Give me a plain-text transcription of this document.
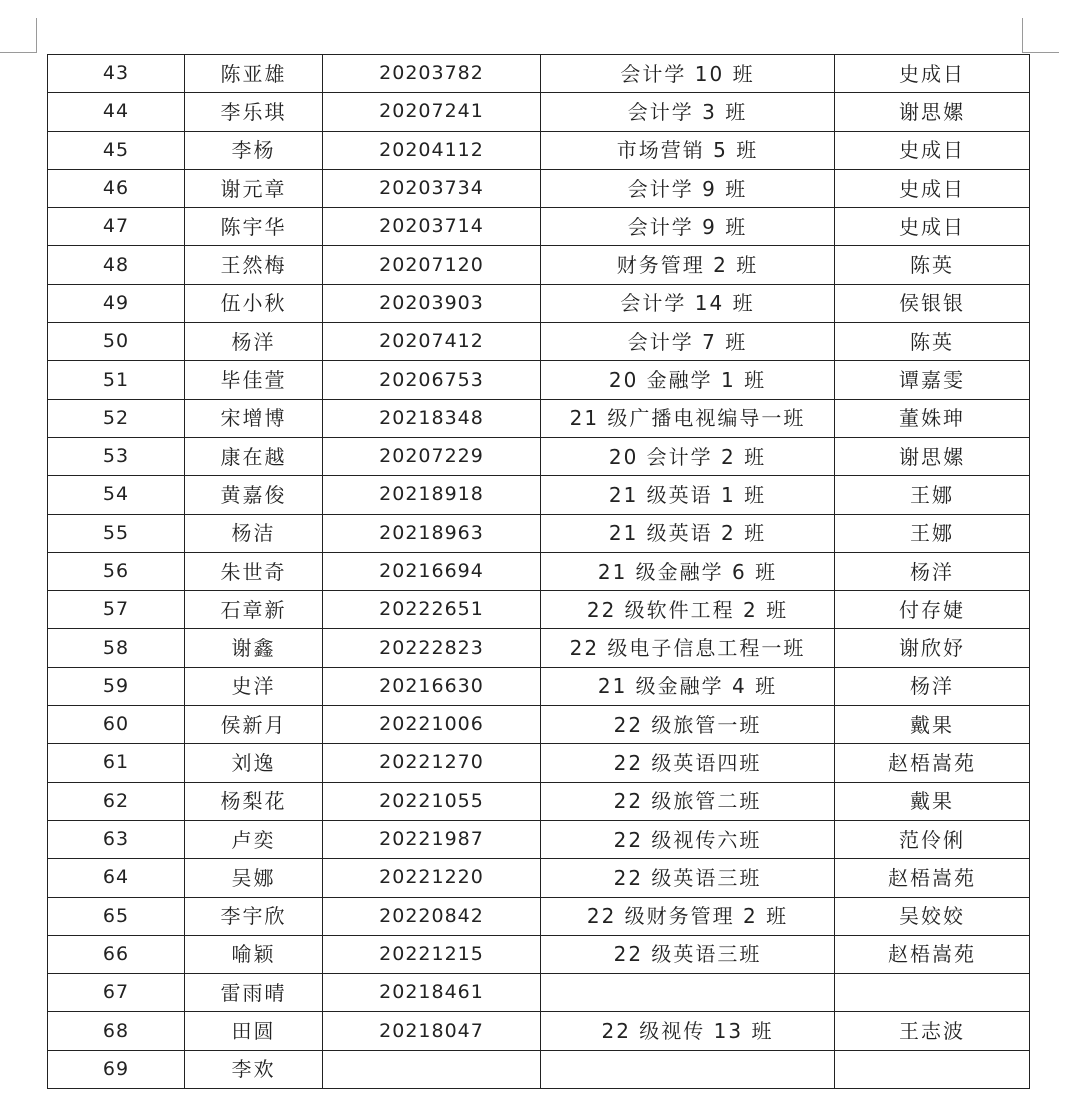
43	陈亚雄	20203782	会计学 10 班	史成日
44	李乐琪	20207241	会计学 3 班	谢思嫘
45	李杨	20204112	市场营销 5 班	史成日
46	谢元章	20203734	会计学 9 班	史成日
47	陈宇华	20203714	会计学 9 班	史成日
48	王然梅	20207120	财务管理 2 班	陈英
49	伍小秋	20203903	会计学 14 班	侯银银
50	杨洋	20207412	会计学 7 班	陈英
51	毕佳萱	20206753	20 金融学 1 班	谭嘉雯
52	宋增博	20218348	21 级广播电视编导一班	董姝珅
53	康在越	20207229	20 会计学 2 班	谢思嫘
54	黄嘉俊	20218918	21 级英语 1 班	王娜
55	杨洁	20218963	21 级英语 2 班	王娜
56	朱世奇	20216694	21 级金融学 6 班	杨洋
57	石章新	20222651	22 级软件工程 2 班	付存婕
58	谢鑫	20222823	22 级电子信息工程一班	谢欣妤
59	史洋	20216630	21 级金融学 4 班	杨洋
60	侯新月	20221006	22 级旅管一班	戴果
61	刘逸	20221270	22 级英语四班	赵梧嵩苑
62	杨梨花	20221055	22 级旅管二班	戴果
63	卢奕	20221987	22 级视传六班	范伶俐
64	吴娜	20221220	22 级英语三班	赵梧嵩苑
65	李宇欣	20220842	22 级财务管理 2 班	吴姣姣
66	喻颖	20221215	22 级英语三班	赵梧嵩苑
67	雷雨晴	20218461		
68	田圆	20218047	22 级视传 13 班	王志波
69	李欢			
